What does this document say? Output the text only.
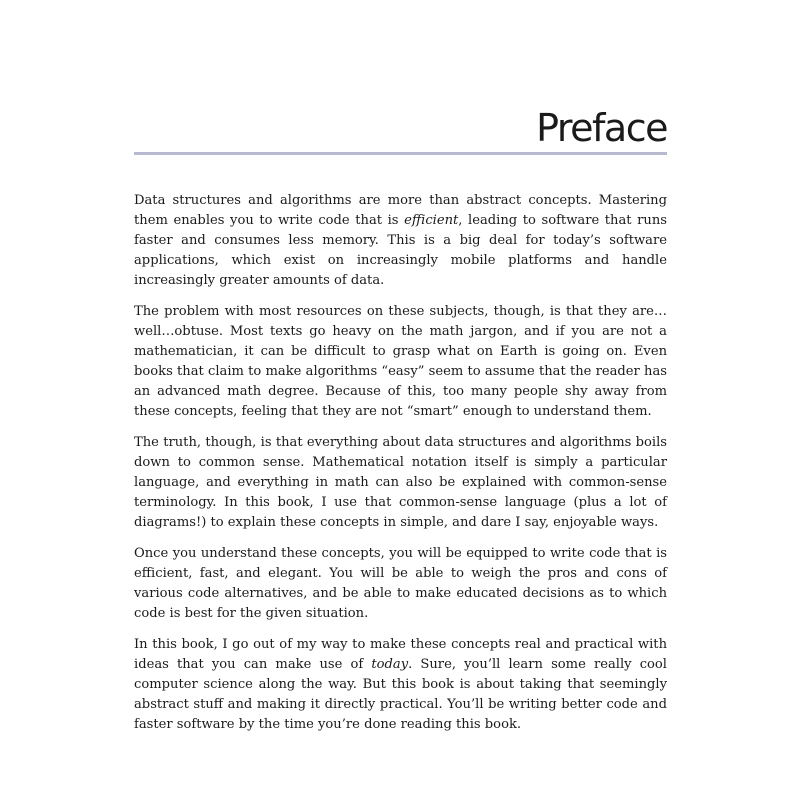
Preface

Data structures and algorithms are more than abstract concepts. Mastering them enables you to write code that is efficient, leading to software that runs faster and consumes less memory. This is a big deal for today’s software applications, which exist on increasingly mobile platforms and handle increasingly greater amounts of data.

The problem with most resources on these subjects, though, is that they are…well…obtuse. Most texts go heavy on the math jargon, and if you are not a mathematician, it can be difficult to grasp what on Earth is going on. Even books that claim to make algorithms “easy” seem to assume that the reader has an advanced math degree. Because of this, too many people shy away from these concepts, feeling that they are not “smart” enough to understand them.

The truth, though, is that everything about data structures and algorithms boils down to common sense. Mathematical notation itself is simply a particular language, and everything in math can also be explained with common-sense terminology. In this book, I use that common-sense language (plus a lot of diagrams!) to explain these concepts in simple, and dare I say, enjoyable ways.

Once you understand these concepts, you will be equipped to write code that is efficient, fast, and elegant. You will be able to weigh the pros and cons of various code alternatives, and be able to make educated decisions as to which code is best for the given situation.

In this book, I go out of my way to make these concepts real and practical with ideas that you can make use of today. Sure, you’ll learn some really cool computer science along the way. But this book is about taking that seemingly abstract stuff and making it directly practical. You’ll be writing better code and faster software by the time you’re done reading this book.
